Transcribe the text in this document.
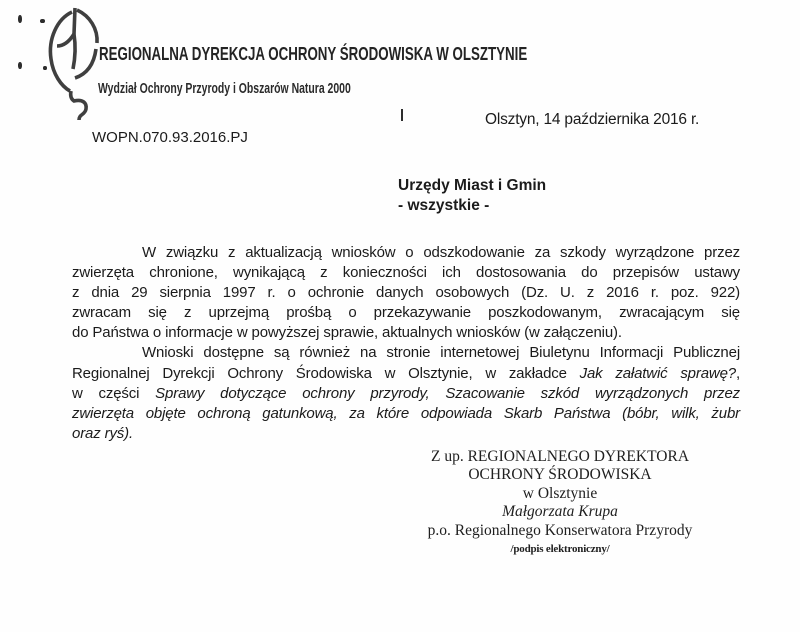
REGIONALNA DYREKCJA OCHRONY ŚRODOWISKA W OLSZTYNIE
Wydział Ochrony Przyrody i Obszarów Natura 2000
Olsztyn, 14 października 2016 r.
WOPN.070.93.2016.PJ
Urzędy Miast i Gmin
- wszystkie -
W związku z aktualizacją wniosków o odszkodowanie za szkody wyrządzone przez
zwierzęta chronione, wynikającą z konieczności ich dostosowania do przepisów ustawy
z dnia 29 sierpnia 1997 r. o ochronie danych osobowych (Dz. U. z 2016 r. poz. 922)
zwracam się z uprzejmą prośbą o przekazywanie poszkodowanym, zwracającym się
do Państwa o informacje w powyższej sprawie, aktualnych wniosków (w załączeniu).
Wnioski dostępne są również na stronie internetowej Biuletynu Informacji Publicznej
Regionalnej Dyrekcji Ochrony Środowiska w Olsztynie, w zakładce Jak załatwić sprawę?,
w części Sprawy dotyczące ochrony przyrody, Szacowanie szkód wyrządzonych przez
zwierzęta objęte ochroną gatunkową, za które odpowiada Skarb Państwa (bóbr, wilk, żubr
oraz ryś).
Z up. REGIONALNEGO DYREKTORA
OCHRONY ŚRODOWISKA
w Olsztynie
Małgorzata Krupa
p.o. Regionalnego Konserwatora Przyrody
/podpis elektroniczny/
